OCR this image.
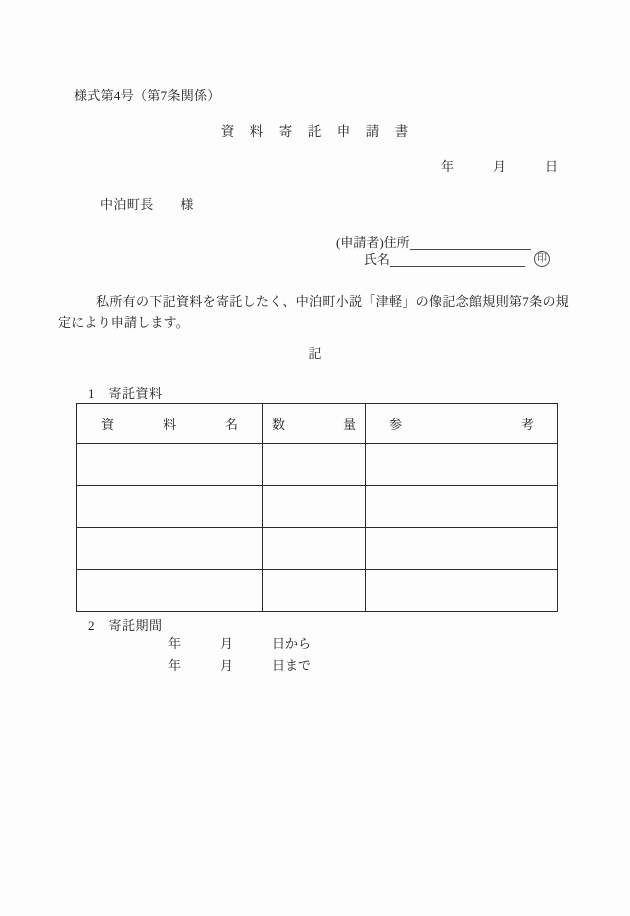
様式第4号（第7条関係）
資　料　寄　託　申　請　書
年　　　月　　　日
中泊町長　　様
(申請者)住所
氏名	印
私所有の下記資料を寄託したく、中泊町小説「津軽」の像記念館規則第7条の規定により申請します。
記
1　寄託資料
資 料 名	数 量	参 考

2　寄託期間
年　　　月　　　日から
年　　　月　　　日まで
